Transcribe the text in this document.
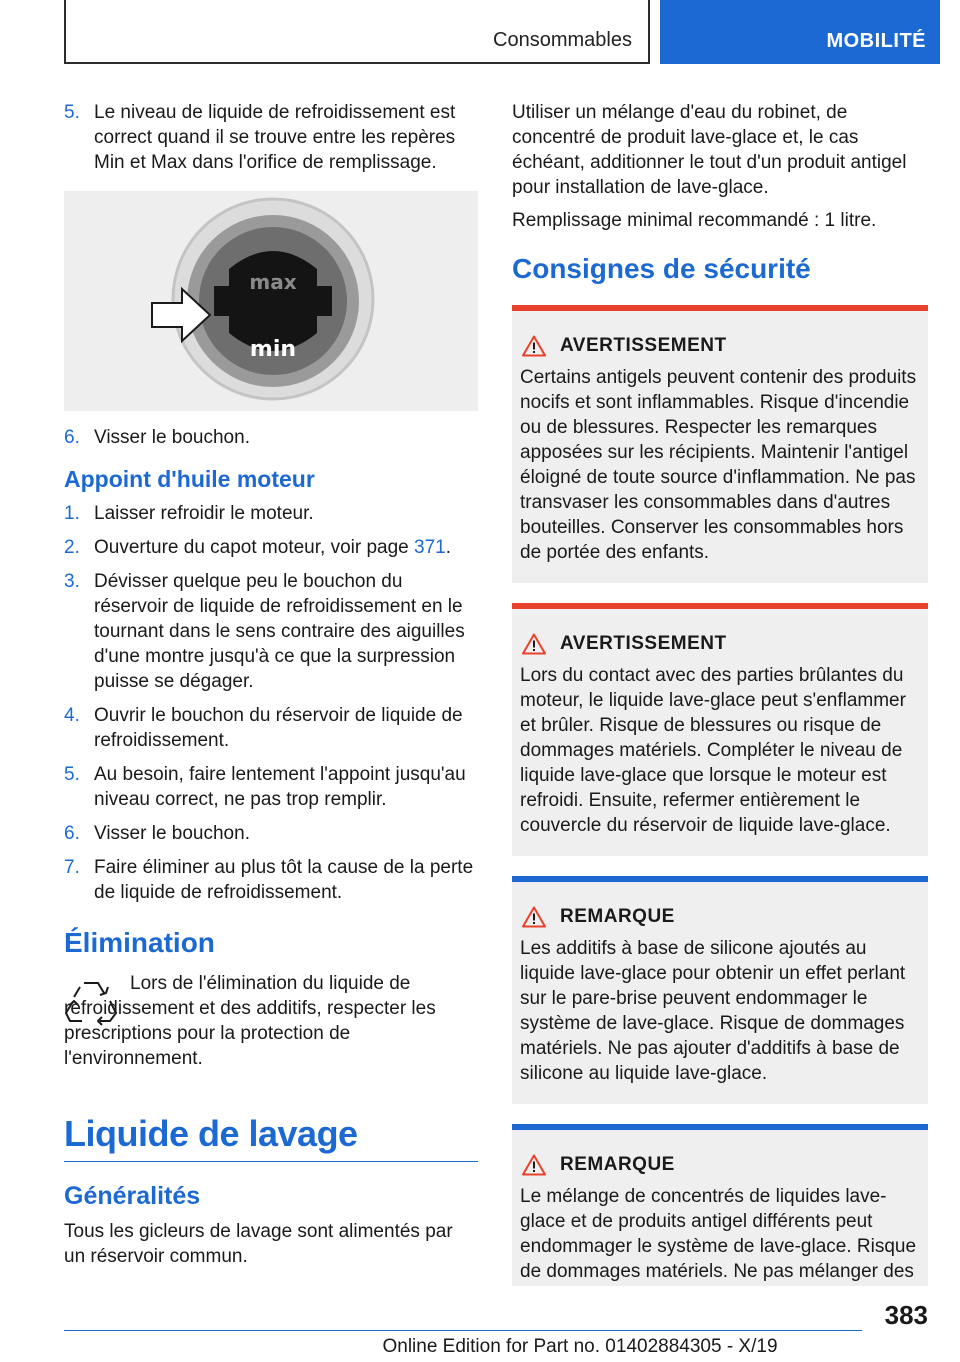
Consommables	MOBILITÉ
5. Le niveau de liquide de refroidissement est correct quand il se trouve entre les repères Min et Max dans l'orifice de remplissage.
max
min
6. Visser le bouchon.
Appoint d'huile moteur
1. Laisser refroidir le moteur.
2. Ouverture du capot moteur, voir page 371.
3. Dévisser quelque peu le bouchon du réservoir de liquide de refroidissement en le tournant dans le sens contraire des aiguilles d'une montre jusqu'à ce que la surpression puisse se dégager.
4. Ouvrir le bouchon du réservoir de liquide de refroidissement.
5. Au besoin, faire lentement l'appoint jusqu'au niveau correct, ne pas trop remplir.
6. Visser le bouchon.
7. Faire éliminer au plus tôt la cause de la perte de liquide de refroidissement.
Élimination
Lors de l'élimination du liquide de refroidissement et des additifs, respecter les prescriptions pour la protection de l'environnement.
Liquide de lavage
Généralités
Tous les gicleurs de lavage sont alimentés par un réservoir commun.
Utiliser un mélange d'eau du robinet, de concentré de produit lave-glace et, le cas échéant, additionner le tout d'un produit antigel pour installation de lave-glace.
Remplissage minimal recommandé : 1 litre.
Consignes de sécurité
AVERTISSEMENT
Certains antigels peuvent contenir des produits nocifs et sont inflammables. Risque d'incendie ou de blessures. Respecter les remarques apposées sur les récipients. Maintenir l'antigel éloigné de toute source d'inflammation. Ne pas transvaser les consommables dans d'autres bouteilles. Conserver les consommables hors de portée des enfants.
AVERTISSEMENT
Lors du contact avec des parties brûlantes du moteur, le liquide lave-glace peut s'enflammer et brûler. Risque de blessures ou risque de dommages matériels. Compléter le niveau de liquide lave-glace que lorsque le moteur est refroidi. Ensuite, refermer entièrement le couvercle du réservoir de liquide lave-glace.
REMARQUE
Les additifs à base de silicone ajoutés au liquide lave-glace pour obtenir un effet perlant sur le pare-brise peuvent endommager le système de lave-glace. Risque de dommages matériels. Ne pas ajouter d'additifs à base de silicone au liquide lave-glace.
REMARQUE
Le mélange de concentrés de liquides lave-glace et de produits antigel différents peut endommager le système de lave-glace. Risque de dommages matériels. Ne pas mélanger des
383
Online Edition for Part no. 01402884305 - X/19
